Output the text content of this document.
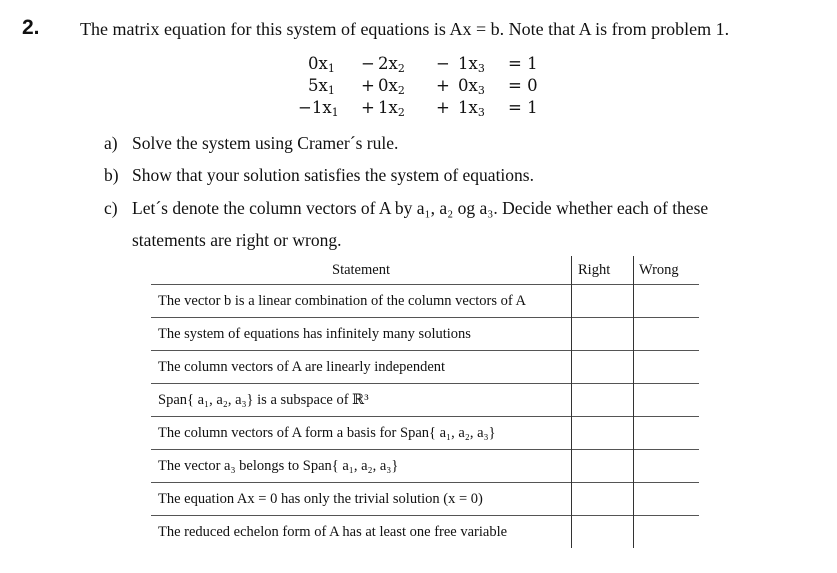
2. The matrix equation for this system of equations is Ax = b. Note that A is from problem 1.
$0x_1 - 2x_2 - 1x_3 = 1$
$5x_1 + 0x_2 + 0x_3 = 0$
$-1x_1 + 1x_2 + 1x_3 = 1$
a) Solve the system using Cramer´s rule.
b) Show that your solution satisfies the system of equations.
c) Let´s denote the column vectors of A by a₁, a₂ og a₃. Decide whether each of these
statements are right or wrong.
Statement	Right	Wrong
The vector b is a linear combination of the column vectors of A		
The system of equations has infinitely many solutions		
The column vectors of A are linearly independent		
Span{ a₁, a₂, a₃} is a subspace of ℝ³		
The column vectors of A form a basis for Span{ a₁, a₂, a₃}		
The vector a₃ belongs to Span{ a₁, a₂, a₃}		
The equation Ax = 0 has only the trivial solution (x = 0)		
The reduced echelon form of A has at least one free variable		
